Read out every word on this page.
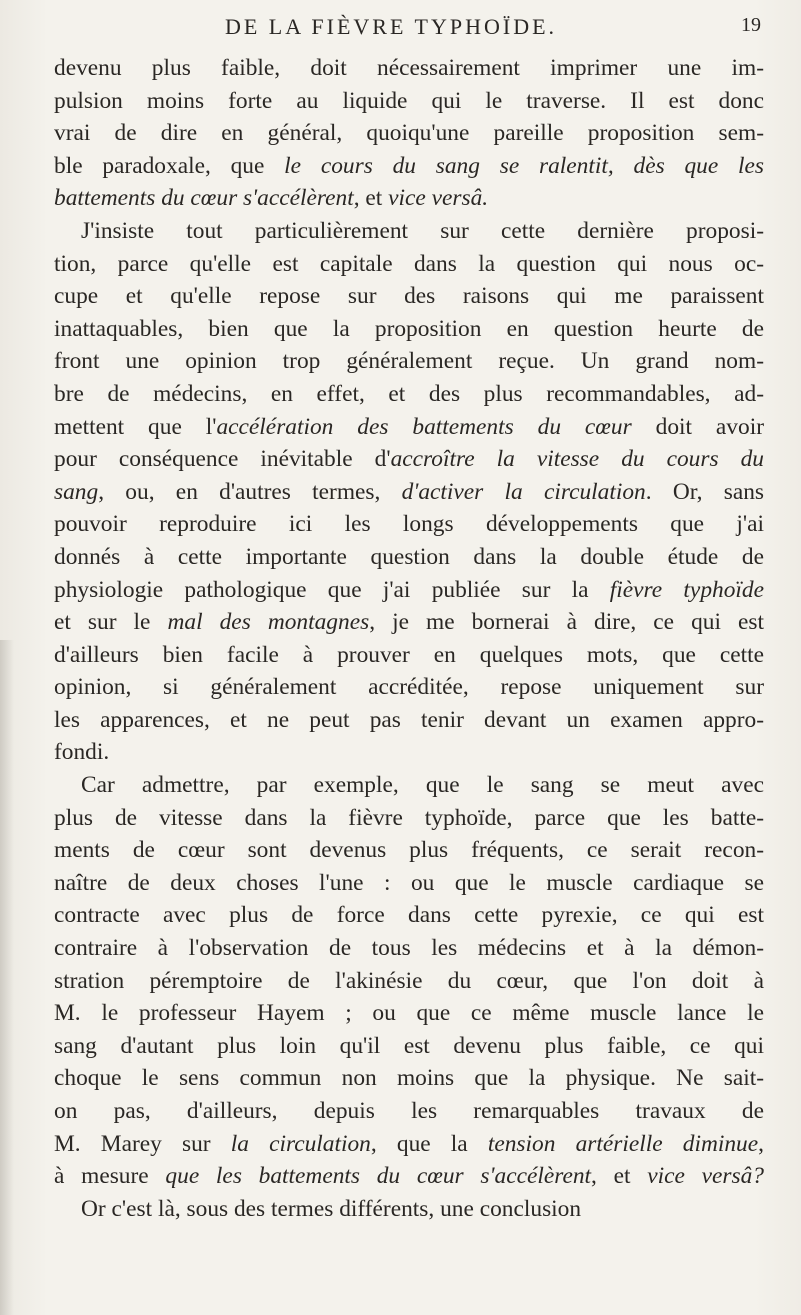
DE LA FIÈVRE TYPHOÏDE.	19
devenu plus faible, doit nécessairement imprimer une im-
pulsion moins forte au liquide qui le traverse. Il est donc
vrai de dire en général, quoiqu'une pareille proposition sem-
ble paradoxale, que le cours du sang se ralentit, dès que les
battements du cœur s'accélèrent, et vice versâ.
J'insiste tout particulièrement sur cette dernière proposi-
tion, parce qu'elle est capitale dans la question qui nous oc-
cupe et qu'elle repose sur des raisons qui me paraissent
inattaquables, bien que la proposition en question heurte de
front une opinion trop généralement reçue. Un grand nom-
bre de médecins, en effet, et des plus recommandables, ad-
mettent que l'accélération des battements du cœur doit avoir
pour conséquence inévitable d'accroître la vitesse du cours du
sang, ou, en d'autres termes, d'activer la circulation. Or, sans
pouvoir reproduire ici les longs développements que j'ai
donnés à cette importante question dans la double étude de
physiologie pathologique que j'ai publiée sur la fièvre typhoïde
et sur le mal des montagnes, je me bornerai à dire, ce qui est
d'ailleurs bien facile à prouver en quelques mots, que cette
opinion, si généralement accréditée, repose uniquement sur
les apparences, et ne peut pas tenir devant un examen appro-
fondi.
Car admettre, par exemple, que le sang se meut avec
plus de vitesse dans la fièvre typhoïde, parce que les batte-
ments de cœur sont devenus plus fréquents, ce serait recon-
naître de deux choses l'une : ou que le muscle cardiaque se
contracte avec plus de force dans cette pyrexie, ce qui est
contraire à l'observation de tous les médecins et à la démon-
stration péremptoire de l'akinésie du cœur, que l'on doit à
M. le professeur Hayem ; ou que ce même muscle lance le
sang d'autant plus loin qu'il est devenu plus faible, ce qui
choque le sens commun non moins que la physique. Ne sait-
on pas, d'ailleurs, depuis les remarquables travaux de
M. Marey sur la circulation, que la tension artérielle diminue,
à mesure que les battements du cœur s'accélèrent, et vice versâ?
Or c'est là, sous des termes différents, une conclusion
